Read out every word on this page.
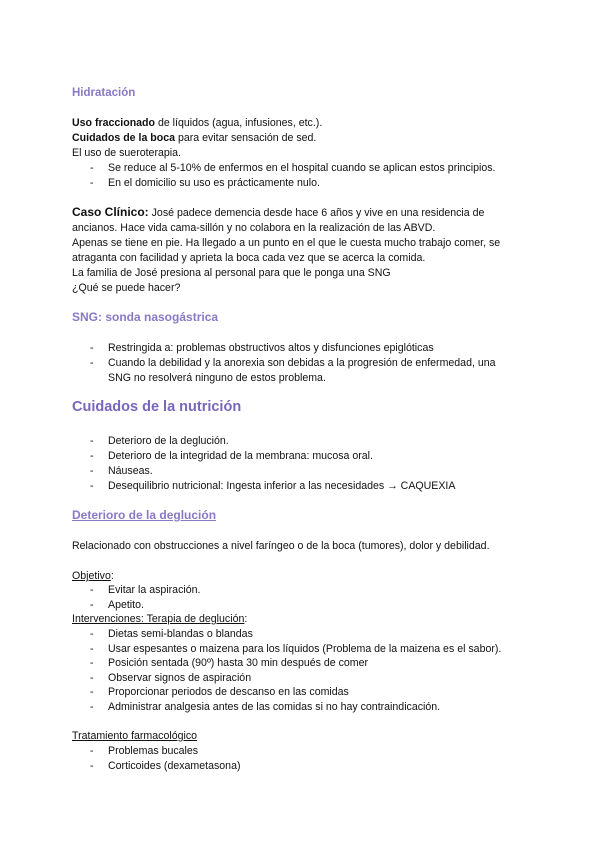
Hidratación
Uso fraccionado de líquidos (agua, infusiones, etc.).
Cuidados de la boca para evitar sensación de sed.
El uso de sueroterapia.
- Se reduce al 5-10% de enfermos en el hospital cuando se aplican estos principios.
- En el domicilio su uso es prácticamente nulo.
Caso Clínico: José padece demencia desde hace 6 años y vive en una residencia de
ancianos. Hace vida cama-sillón y no colabora en la realización de las ABVD.
Apenas se tiene en pie. Ha llegado a un punto en el que le cuesta mucho trabajo comer, se
atraganta con facilidad y aprieta la boca cada vez que se acerca la comida.
La familia de José presiona al personal para que le ponga una SNG
¿Qué se puede hacer?
SNG: sonda nasogástrica
- Restringida a: problemas obstructivos altos y disfunciones epiglóticas
- Cuando la debilidad y la anorexia son debidas a la progresión de enfermedad, una
SNG no resolverá ninguno de estos problema.
Cuidados de la nutrición
- Deterioro de la deglución.
- Deterioro de la integridad de la membrana: mucosa oral.
- Náuseas.
- Desequilibrio nutricional: Ingesta inferior a las necesidades → CAQUEXIA
Deterioro de la deglución
Relacionado con obstrucciones a nivel faríngeo o de la boca (tumores), dolor y debilidad.
Objetivo:
- Evitar la aspiración.
- Apetito.
Intervenciones: Terapia de deglución:
- Dietas semi-blandas o blandas
- Usar espesantes o maizena para los líquidos (Problema de la maizena es el sabor).
- Posición sentada (90º) hasta 30 min después de comer
- Observar signos de aspiración
- Proporcionar periodos de descanso en las comidas
- Administrar analgesia antes de las comidas si no hay contraindicación.
Tratamiento farmacológico
- Problemas bucales
- Corticoides (dexametasona)
